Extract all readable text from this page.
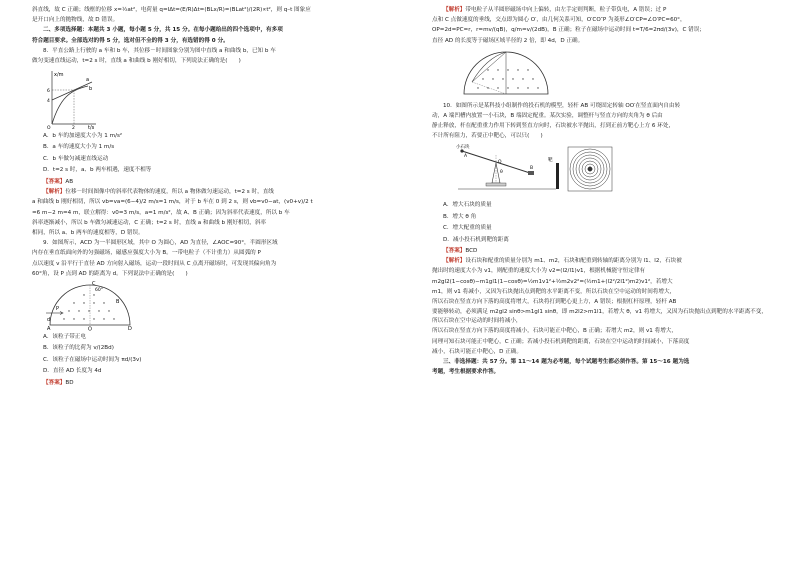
斜直线，故 C 正确；线框的位移 x=½at²，电荷量 q=IΔt=(E/R)Δt=(BLx/R)=(BLat²)/(2R)∝t²，则 q–t 图象应

是开口向上的抛物线，故 D 错误。

二、多项选择题：本题共 3 小题，每小题 5 分，共 15 分。在每小题给出的四个选项中，有多项

符合题目要求。全部选对的得 5 分，选对但不全的得 3 分，有选错的得 0 分。

8．平直公路上行驶的 a 车和 b 车，其位移－时间图象分别为图中直线 a 和曲线 b，已知 b 车

做匀变速直线运动，t=2 s 时，直线 a 和曲线 b 刚好相切，下列说法正确的是(　　)

x/m
t/s
a
b
6
4
2
O

A．b 车的加速度大小为 1 m/s²

B．a 车的速度大小为 1 m/s

C．b 车做匀减速直线运动

D．t=2 s 时，a、b 两车相遇，速度不相等

【答案】AB

【解析】位移－时间图像中的斜率代表物体的速度，所以 a 物体做匀速运动，t=2 s 时，直线

a 和曲线 b 刚好相切，所以 vb=va=(6−4)/2 m/s=1 m/s，对于 b 车在 0 到 2 s，则 vb=v0−at，(v0+v)/2 t

=6 m−2 m=4 m，联立解得：v0=3 m/s，a=1 m/s²，故 A、B 正确；因为斜率代表速度，所以 b 车

斜率逐渐减小，所以 b 车做匀减速运动，C 正确；t=2 s 时，直线 a 和曲线 b 刚好相切，斜率

相同，所以 a、b 两车的速度相等，D 错误。

9．如图所示，ACD 为一半圆形区域，其中 O 为圆心，AD 为直径，∠AOC=90°，半圆形区域

内存在垂直纸面向外的匀强磁场，磁感应强度大小为 B。一带电粒子（不计重力）从圆弧的 P

点以速度 v 沿平行于直径 AD 方向射入磁场，运动一段时间从 C 点离开磁场时，可发现其偏向角为

60°角，设 P 点到 AD 的距离为 d。下列说法中正确的是(　　)

C
60°
P
d
A	O	D
B

A．该粒子带正电

B．该粒子的比荷为 v/(2Bd)

C．该粒子在磁场中运动时间为 πd/(3v)

D．直径 AD 长度为 4d

【答案】BD

【解析】带电粒子从半圆形磁场中向上偏转，由左手定则判断，粒子带负电，A 错误；过 P

点和 C 点做速度的垂线，交点即为圆心 O′，由几何关系可知，O′CO″P 为菱形∠O′CP=∠O′PC=60°，

OP=2d=PC=r，r=mv/(qB)，q/m=v/(2dB)，B 正确；粒子在磁场中运动时间 t=T/6=2πd/(3v)，C 错误；

直径 AD 的长度等于磁场区域半径的 2 倍，即 4d，D 正确。

10．如图所示是某科技小组制作的投石机的模型，轻杆 AB 可绕固定转轴 OO′在竖直面内自由转

动，A 端凹槽内放置一小石块，B 端固定配重。某次实验，调整杆与竖直方向的夹角为 θ 后由

静止释放，杆在配重重力作用下转到竖直方向时，石块被水平抛出，打到正前方靶心上方 6 环处，

不计所有阻力，若要正中靶心，可以只(　　)

小石块
A
O
B
θ
靶

A．增大石块的质量

B．增大 θ 角

C．增大配重的质量

D．减小投石机到靶的距离

【答案】BCD

【解析】设石块和配重的质量分别为 m1、m2，石块和配重到转轴的距离分别为 l1、l2，石块被

抛出时的速度大小为 v1，则配重的速度大小为 v2=(l2/l1)v1，根据机械能守恒定律有

m2gl2(1−cosθ)−m1gl1(1−cosθ)=½m1v1²+½m2v2²=(½m1+(l2²/2l1²)m2)v1²，若增大

m1，则 v1 将减小，又因为石块抛出点到靶的水平距离不变，所以石块在空中运动的时间将增大，

所以石块在竖直方向下落的高度将增大，石块将打到靶心更上方，A 错误；根据杠杆原理，轻杆 AB

要能够转动，必须满足 m2gl2 sinθ>m1gl1 sinθ，即 m2l2>m1l1，若增大 θ，v1 将增大，又因为石块抛出点到靶的水平距离不变，所以石块在空中运动的时间将减小，

所以石块在竖直方向下落的高度将减小，石块可能正中靶心，B 正确；若增大 m2，则 v1 将增大，

同理可知石块可能正中靶心，C 正确；若减小投石机到靶的距离，石块在空中运动的时间减小，下落高度

减小，石块可能正中靶心，D 正确。

三、非选择题：共 57 分。第 11～14 题为必考题，每个试题考生都必须作答。第 15～16 题为选

考题，考生根据要求作答。
